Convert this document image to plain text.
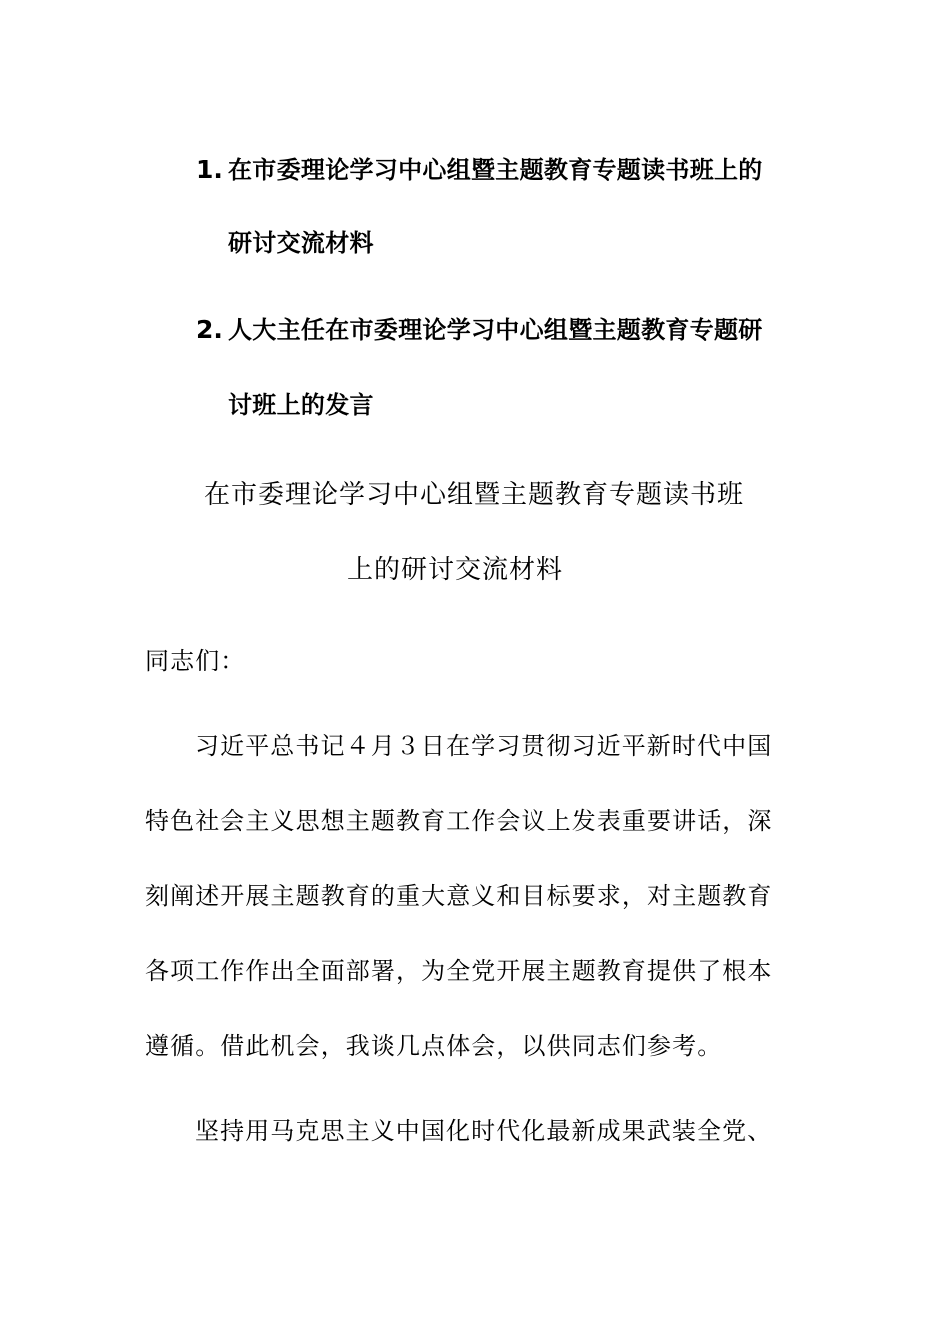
1. 在市委理论学习中心组暨主题教育专题读书班上的
研讨交流材料
2. 人大主任在市委理论学习中心组暨主题教育专题研
讨班上的发言
在市委理论学习中心组暨主题教育专题读书班
上的研讨交流材料
同志们：
习近平总书记４月３日在学习贯彻习近平新时代中国
特色社会主义思想主题教育工作会议上发表重要讲话，深
刻阐述开展主题教育的重大意义和目标要求，对主题教育
各项工作作出全面部署，为全党开展主题教育提供了根本
遵循。借此机会，我谈几点体会，以供同志们参考。
坚持用马克思主义中国化时代化最新成果武装全党、
